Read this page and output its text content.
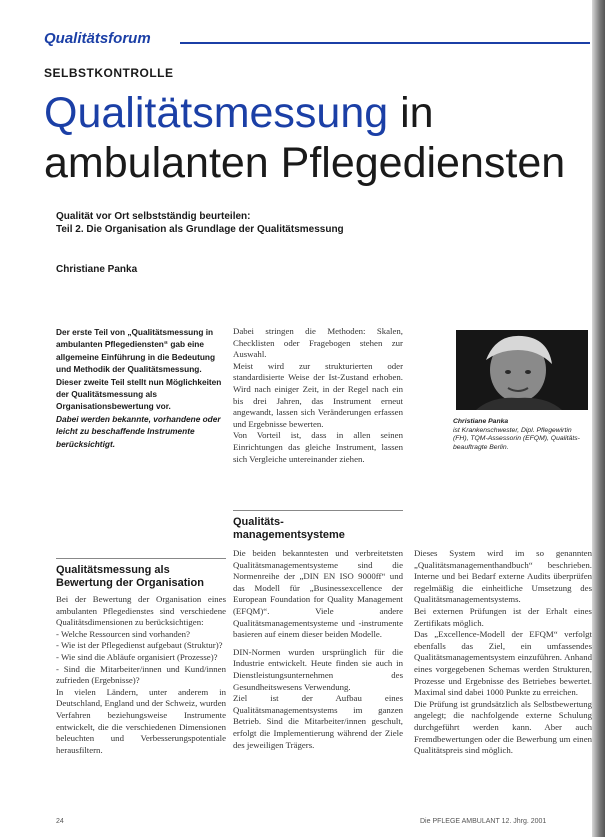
Qualitätsforum
SELBSTKONTROLLE
Qualitätsmessung in
ambulanten Pflegediensten
Qualität vor Ort selbstständig beurteilen:
Teil 2. Die Organisation als Grundlage der Qualitätsmessung
Christiane Panka

Der erste Teil von „Qualitätsmessung in ambulanten Pflegediensten“ gab eine allgemeine Einführung in die Bedeutung und Methodik der Qualitätsmessung.

Dieser zweite Teil stellt nun Möglichkeiten der Qualitätsmessung als Organisationsbewertung vor.

Dabei werden bekannte, vorhandene oder leicht zu beschaffende Instrumente berücksichtigt.

Dabei stringen die Methoden: Skalen, Checklisten oder Fragebogen stehen zur Auswahl.

Meist wird zur strukturierten oder standardisierte Weise der Ist-Zustand erhoben. Wird nach einiger Zeit, in der Regel nach ein bis drei Jahren, das Instrument erneut angewandt, lassen sich Veränderungen erfassen und Ergebnisse bewerten.

Von Vorteil ist, dass in allen seinen Einrichtungen das gleiche Instrument, lassen sich Vergleiche untereinander ziehen.

Christiane Panka
ist Krankenschwester, Dipl. Pflegewirtin
(FH), TQM-Assessorin (EFQM), Qualitäts-
beauftragte Berlin.
Qualitäts-
managementsysteme

Die beiden bekanntesten und verbreitetsten Qualitätsmanagementsysteme sind die Normenreihe der „DIN EN ISO 9000ff“ und das Modell für „Businessexcellence der European Foundation for Quality Management (EFQM)“. Viele andere Qualitätsmanagementsysteme und -instrumente basieren auf einem dieser beiden Modelle.

DIN-Normen wurden ursprünglich für die Industrie entwickelt. Heute finden sie auch in Dienstleistungsunternehmen des Gesundheitswesens Verwendung.

Ziel ist der Aufbau eines Qualitätsmanagementsystems im ganzen Betrieb. Sind die Mitarbeiter/innen geschult, erfolgt die Implementierung während der Ziele des jeweiligen Trägers.

Qualitätsmessung als
Bewertung der Organisation

Bei der Bewertung der Organisation eines ambulanten Pflegedienstes sind verschiedene Qualitätsdimensionen zu berücksichtigen:

- Welche Ressourcen sind vorhanden?

- Wie ist der Pflegedienst aufgebaut (Struktur)?

- Wie sind die Abläufe organisiert (Prozesse)?

- Sind die Mitarbeiter/innen und Kund/innen zufrieden (Ergebnisse)?

In vielen Ländern, unter anderem in Deutschland, England und der Schweiz, wurden Verfahren beziehungsweise Instrumente entwickelt, die die verschiedenen Dimensionen beleuchten und Verbesserungspotentiale herausfiltern.

Dieses System wird im so genannten „Qualitätsmanagementhandbuch“ beschrieben. Interne und bei Bedarf externe Audits überprüfen regelmäßig die einheitliche Umsetzung des Qualitätsmanagementsystems.

Bei externen Prüfungen ist der Erhalt eines Zertifikats möglich.

Das „Excellence-Modell der EFQM“ verfolgt ebenfalls das Ziel, ein umfassendes Qualitätsmanagementsystem einzuführen. Anhand eines vorgegebenen Schemas werden Strukturen, Prozesse und Ergebnisse des Betriebes bewertet. Maximal sind dabei 1000 Punkte zu erreichen.

Die Prüfung ist grundsätzlich als Selbstbewertung angelegt; die nachfolgende externe Schulung durchgeführt werden kann. Aber auch Fremdbewertungen oder die Bewerbung um einen Qualitätspreis sind möglich.

24	Die PFLEGE AMBULANT 12. Jhrg. 2001
